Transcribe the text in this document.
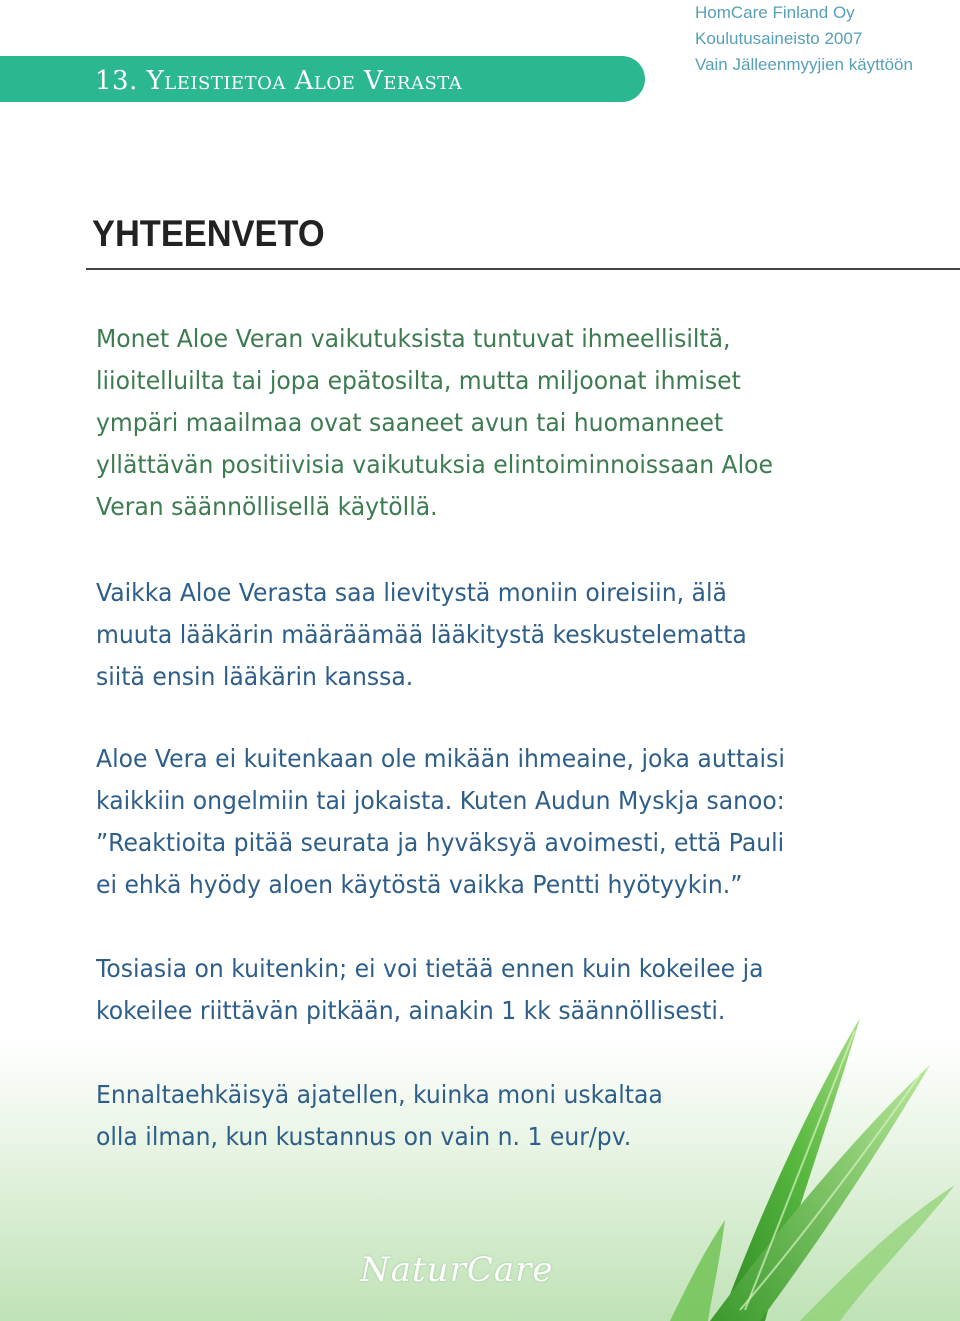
13. Yleistietoa Aloe Verasta
HomCare Finland Oy
Koulutusaineisto 2007
Vain Jälleenmyyjien käyttöön
YHTEENVETO
Monet Aloe Veran vaikutuksista tuntuvat ihmeellisiltä,
liioitelluilta tai jopa epätosilta, mutta miljoonat ihmiset
ympäri maailmaa ovat saaneet avun tai huomanneet
yllättävän positiivisia vaikutuksia elintoiminnoissaan Aloe
Veran säännöllisellä käytöllä.
Vaikka Aloe Verasta saa lievitystä moniin oireisiin, älä
muuta lääkärin määräämää lääkitystä keskustelematta
siitä ensin lääkärin kanssa.
Aloe Vera ei kuitenkaan ole mikään ihmeaine, joka auttaisi
kaikkiin ongelmiin tai jokaista. Kuten Audun Myskja sanoo:
”Reaktioita pitää seurata ja hyväksyä avoimesti, että Pauli
ei ehkä hyödy aloen käytöstä vaikka Pentti hyötyykin.”
Tosiasia on kuitenkin; ei voi tietää ennen kuin kokeilee ja
kokeilee riittävän pitkään, ainakin 1 kk säännöllisesti.
Ennaltaehkäisyä ajatellen, kuinka moni uskaltaa
olla ilman, kun kustannus on vain n. 1 eur/pv.
NaturCare
